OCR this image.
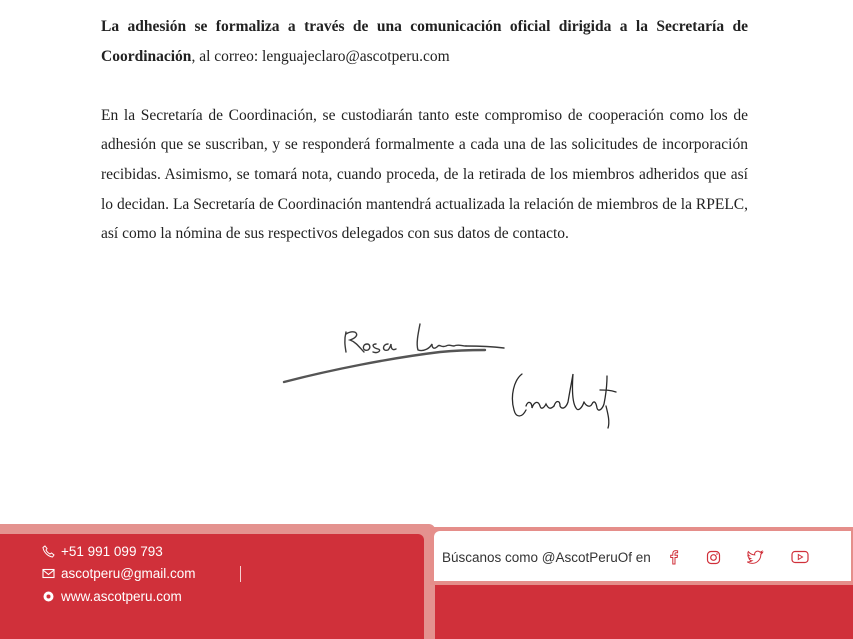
La adhesión se formaliza a través de una comunicación oficial dirigida a la Secretaría de Coordinación, al correo: lenguajeclaro@ascotperu.com

En la Secretaría de Coordinación, se custodiarán tanto este compromiso de cooperación como los de adhesión que se suscriban, y se responderá formalmente a cada una de las solicitudes de incorporación recibidas. Asimismo, se tomará nota, cuando proceda, de la retirada de los miembros adheridos que así lo decidan. La Secretaría de Coordinación mantendrá actualizada la relación de miembros de la RPELC, así como la nómina de sus respectivos delegados con sus datos de contacto.

+51 991 099 793
ascotperu@gmail.com
www.ascotperu.com
Búscanos como @AscotPeruOf en
